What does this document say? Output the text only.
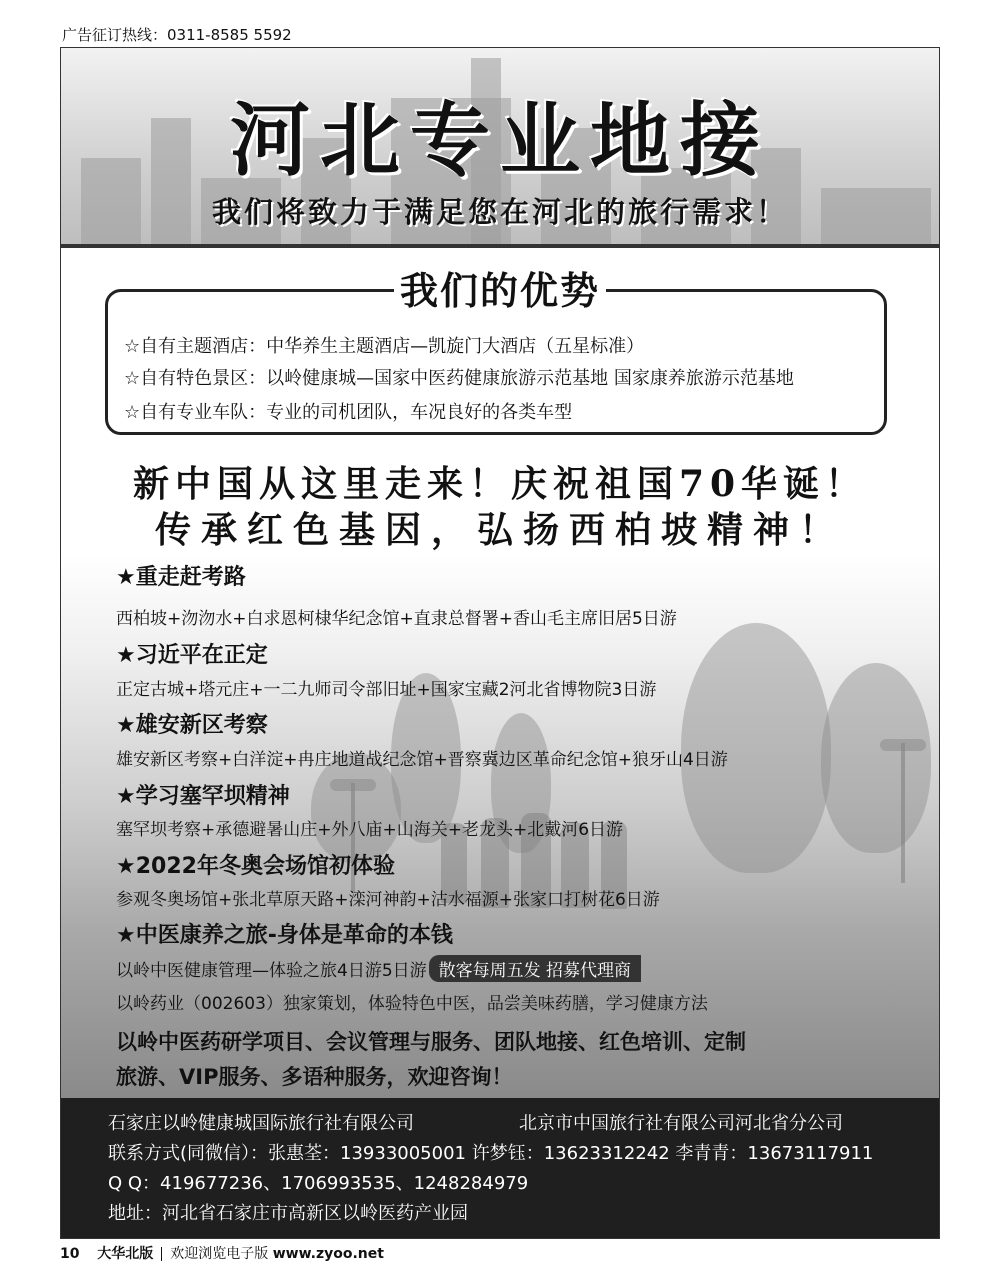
广告征订热线：0311-8585 5592
河北专业地接
我们将致力于满足您在河北的旅行需求！
☆自有主题酒店：中华养生主题酒店—凯旋门大酒店（五星标准）
☆自有特色景区：以岭健康城—国家中医药健康旅游示范基地 国家康养旅游示范基地
☆自有专业车队：专业的司机团队，车况良好的各类车型
我们的优势
新中国从这里走来！庆祝祖国70华诞！
传承红色基因，弘扬西柏坡精神！
★重走赶考路
西柏坡+沕沕水+白求恩柯棣华纪念馆+直隶总督署+香山毛主席旧居5日游
★习近平在正定
正定古城+塔元庄+一二九师司令部旧址+国家宝藏2河北省博物院3日游
★雄安新区考察
雄安新区考察+白洋淀+冉庄地道战纪念馆+晋察冀边区革命纪念馆+狼牙山4日游
★学习塞罕坝精神
塞罕坝考察+承德避暑山庄+外八庙+山海关+老龙头+北戴河6日游
★2022年冬奥会场馆初体验
参观冬奥场馆+张北草原天路+滦河神韵+沽水福源+张家口打树花6日游
★中医康养之旅-身体是革命的本钱
以岭中医健康管理—体验之旅4日游5日游 散客每周五发 招募代理商
以岭药业（002603）独家策划，体验特色中医，品尝美味药膳，学习健康方法
以岭中医药研学项目、会议管理与服务、团队地接、红色培训、定制
旅游、VIP服务、多语种服务，欢迎咨询！
石家庄以岭健康城国际旅行社有限公司	北京市中国旅行社有限公司河北省分公司
联系方式(同微信）：张惠荃：13933005001 许梦钰：13623312242 李青青：13673117911
Q Q：419677236、1706993535、1248284979
地址：河北省石家庄市高新区以岭医药产业园
10 大华北版 欢迎浏览电子版 www.zyoo.net
